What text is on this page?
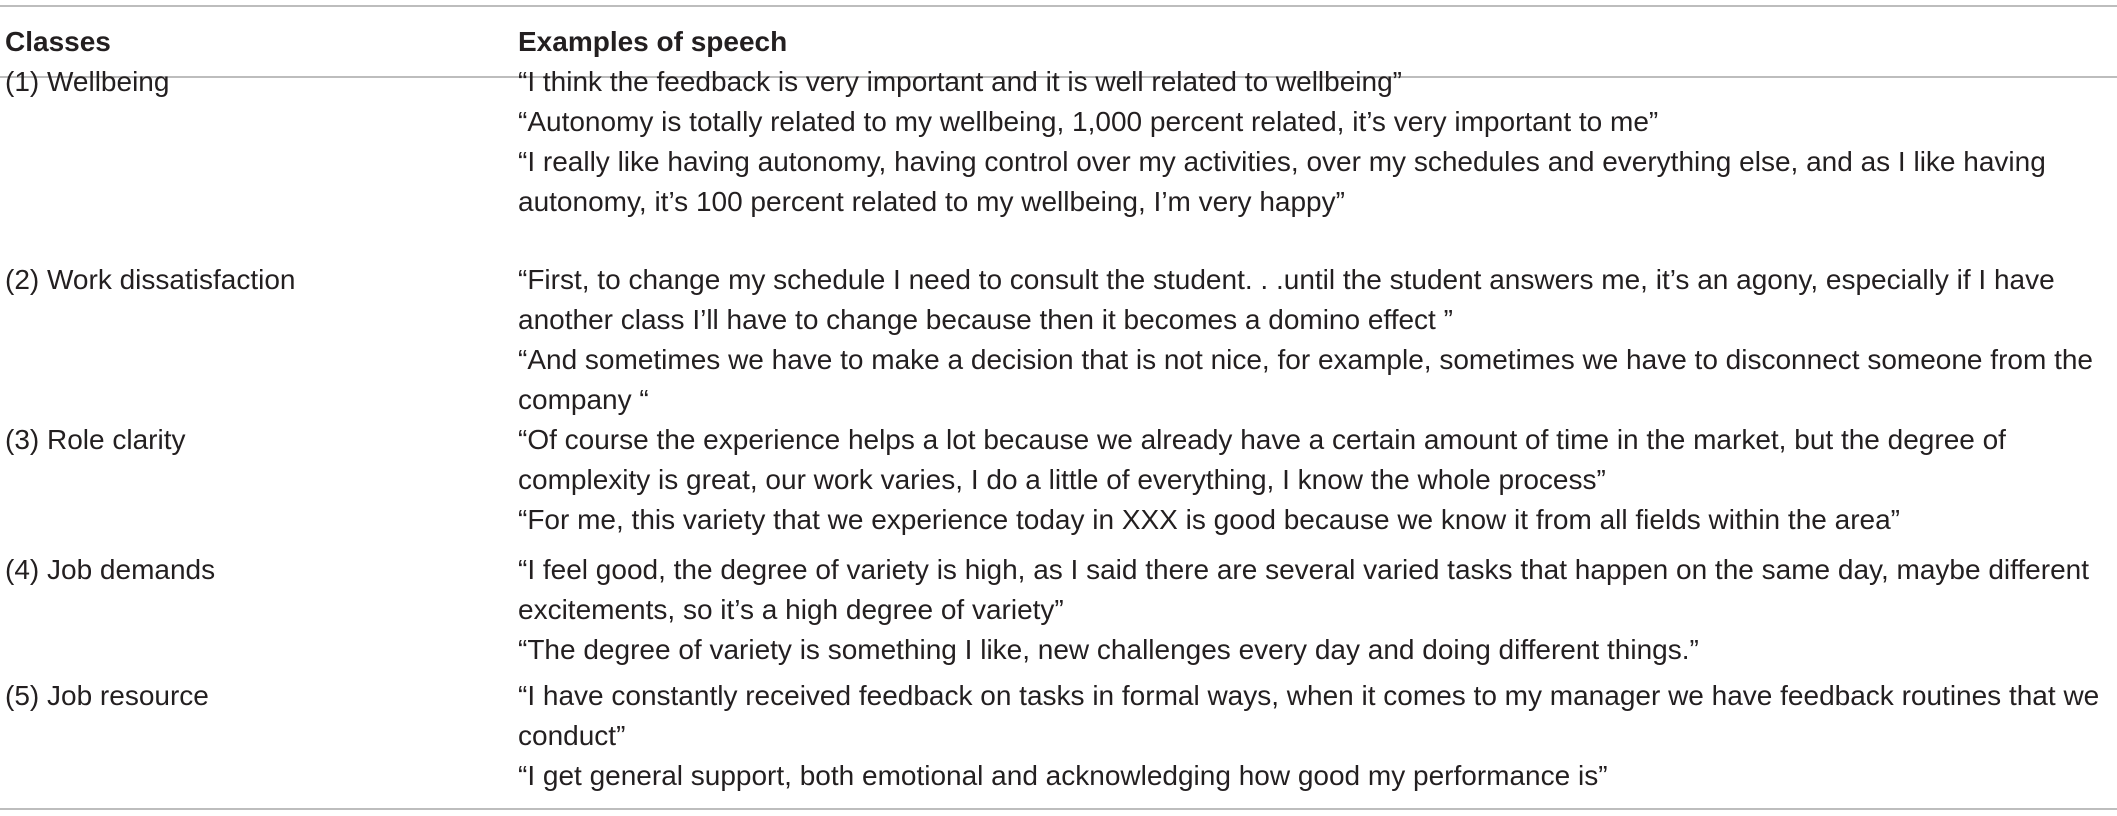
Classes	Examples of speech
(1) Wellbeing	“I think the feedback is very important and it is well related to wellbeing”
“Autonomy is totally related to my wellbeing, 1,000 percent related, it’s very important to me”
“I really like having autonomy, having control over my activities, over my schedules and everything else, and as I like having autonomy, it’s 100 percent related to my wellbeing, I’m very happy”
(2) Work dissatisfaction	“First, to change my schedule I need to consult the student. . .until the student answers me, it’s an agony, especially if I have another class I’ll have to change because then it becomes a domino effect ”
“And sometimes we have to make a decision that is not nice, for example, sometimes we have to disconnect someone from the company “
(3) Role clarity	“Of course the experience helps a lot because we already have a certain amount of time in the market, but the degree of complexity is great, our work varies, I do a little of everything, I know the whole process”
“For me, this variety that we experience today in XXX is good because we know it from all fields within the area”
(4) Job demands	“I feel good, the degree of variety is high, as I said there are several varied tasks that happen on the same day, maybe different excitements, so it’s a high degree of variety”
“The degree of variety is something I like, new challenges every day and doing different things.”
(5) Job resource	“I have constantly received feedback on tasks in formal ways, when it comes to my manager we have feedback routines that we conduct”
“I get general support, both emotional and acknowledging how good my performance is”
